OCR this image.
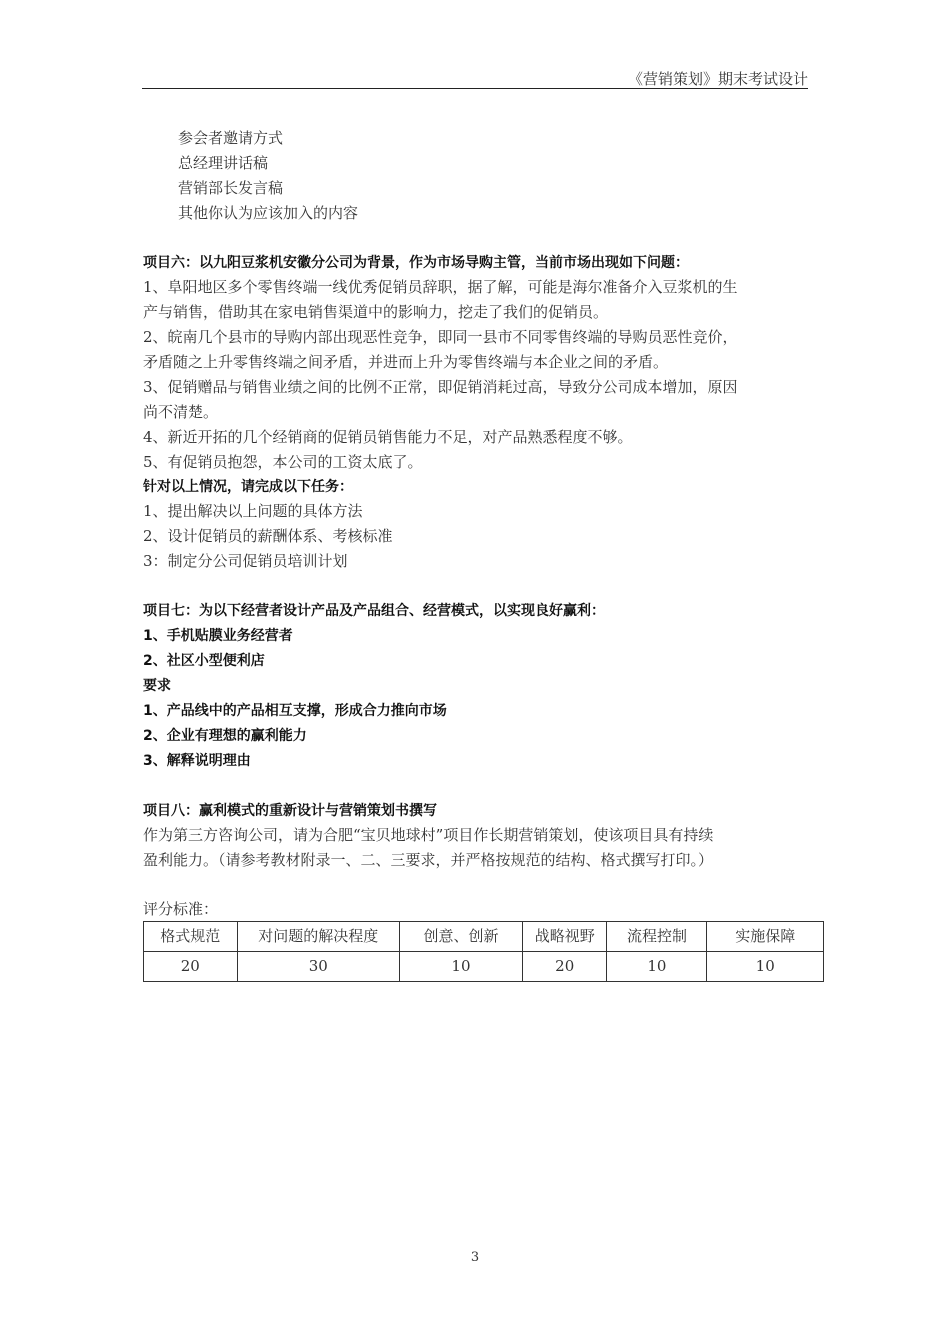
《营销策划》期末考试设计
参会者邀请方式
总经理讲话稿
营销部长发言稿
其他你认为应该加入的内容
项目六：以九阳豆浆机安徽分公司为背景，作为市场导购主管，当前市场出现如下问题：
1、阜阳地区多个零售终端一线优秀促销员辞职，据了解，可能是海尔准备介入豆浆机的生
产与销售，借助其在家电销售渠道中的影响力，挖走了我们的促销员。
2、皖南几个县市的导购内部出现恶性竞争，即同一县市不同零售终端的导购员恶性竞价，
矛盾随之上升零售终端之间矛盾，并进而上升为零售终端与本企业之间的矛盾。
3、促销赠品与销售业绩之间的比例不正常，即促销消耗过高，导致分公司成本增加，原因
尚不清楚。
4、新近开拓的几个经销商的促销员销售能力不足，对产品熟悉程度不够。
5、有促销员抱怨，本公司的工资太底了。
针对以上情况，请完成以下任务：
1、提出解决以上问题的具体方法
2、设计促销员的薪酬体系、考核标准
3：制定分公司促销员培训计划
项目七：为以下经营者设计产品及产品组合、经营模式，以实现良好赢利：
1、手机贴膜业务经营者
2、社区小型便利店
要求
1、产品线中的产品相互支撑，形成合力推向市场
2、企业有理想的赢利能力
3、解释说明理由
项目八：赢利模式的重新设计与营销策划书撰写
作为第三方咨询公司，请为合肥“宝贝地球村”项目作长期营销策划，使该项目具有持续
盈利能力。（请参考教材附录一、二、三要求，并严格按规范的结构、格式撰写打印。）
评分标准：
格式规范	对问题的解决程度	创意、创新	战略视野	流程控制	实施保障
20	30	10	20	10	10
3
